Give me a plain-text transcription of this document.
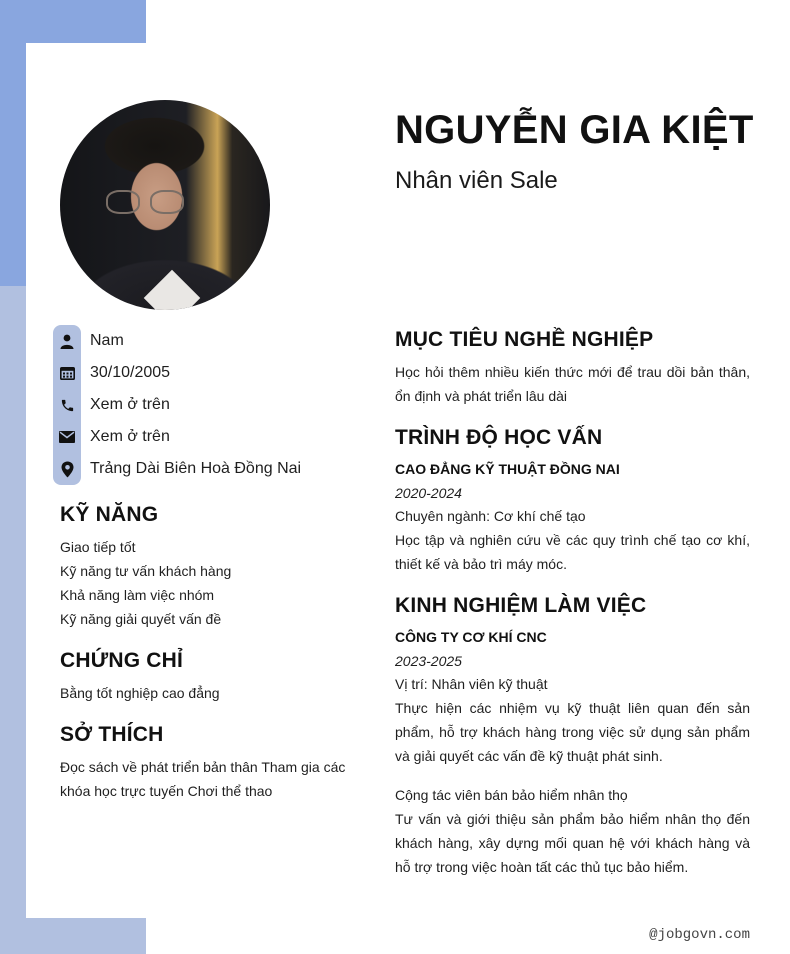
NGUYỄN GIA KIỆT
Nhân viên Sale
Nam
30/10/2005
Xem ở trên
Xem ở trên
Trảng Dài Biên Hoà Đồng Nai
KỸ NĂNG
Giao tiếp tốt
Kỹ năng tư vấn khách hàng
Khả năng làm việc nhóm
Kỹ năng giải quyết vấn đề
CHỨNG CHỈ
Bằng tốt nghiệp cao đẳng
SỞ THÍCH
Đọc sách về phát triển bản thân Tham gia các
khóa học trực tuyến Chơi thể thao
MỤC TIÊU NGHỀ NGHIỆP
Học hỏi thêm nhiều kiến thức mới để trau dồi bản thân, ổn định và phát triển lâu dài
TRÌNH ĐỘ HỌC VẤN
CAO ĐẲNG KỸ THUẬT ĐỒNG NAI
2020-2024
Chuyên ngành: Cơ khí chế tạo
Học tập và nghiên cứu về các quy trình chế tạo cơ khí, thiết kế và bảo trì máy móc.
KINH NGHIỆM LÀM VIỆC
CÔNG TY CƠ KHÍ CNC
2023-2025
Vị trí: Nhân viên kỹ thuật
Thực hiện các nhiệm vụ kỹ thuật liên quan đến sản phẩm, hỗ trợ khách hàng trong việc sử dụng sản phẩm và giải quyết các vấn đề kỹ thuật phát sinh.
Cộng tác viên bán bảo hiểm nhân thọ
Tư vấn và giới thiệu sản phẩm bảo hiểm nhân thọ đến khách hàng, xây dựng mối quan hệ với khách hàng và hỗ trợ trong việc hoàn tất các thủ tục bảo hiểm.
@jobgovn.com
